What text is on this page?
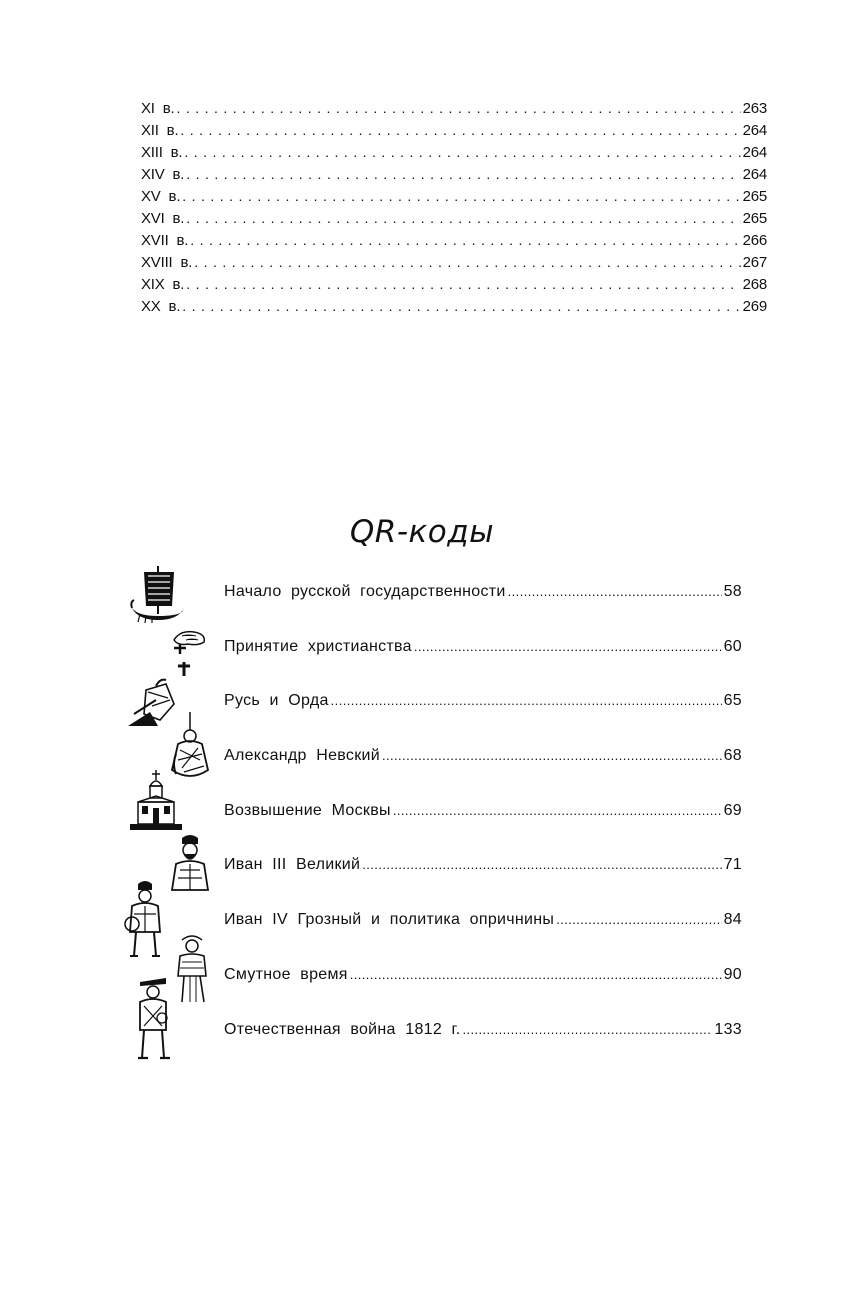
XI  в. . . .	263
XII  в. . . .	264
XIII  в. . . .	264
XIV  в. . . .	264
XV  в. . . .	265
XVI  в. . . .	265
XVII  в. . . .	266
XVIII  в. . . .	267
XIX  в. . . .	268
XX  в. . . .	269
QR-коды
Начало  русской  государственности .....	58
Принятие  христианства .....	60
Русь  и  Орда .....	65
Александр  Невский .....	68
Возвышение  Москвы .....	69
Иван  III  Великий .....	71
Иван  IV  Грозный  и  политика  опричнины .....	84
Смутное  время .....	90
Отечественная  война  1812  г. .....	133
